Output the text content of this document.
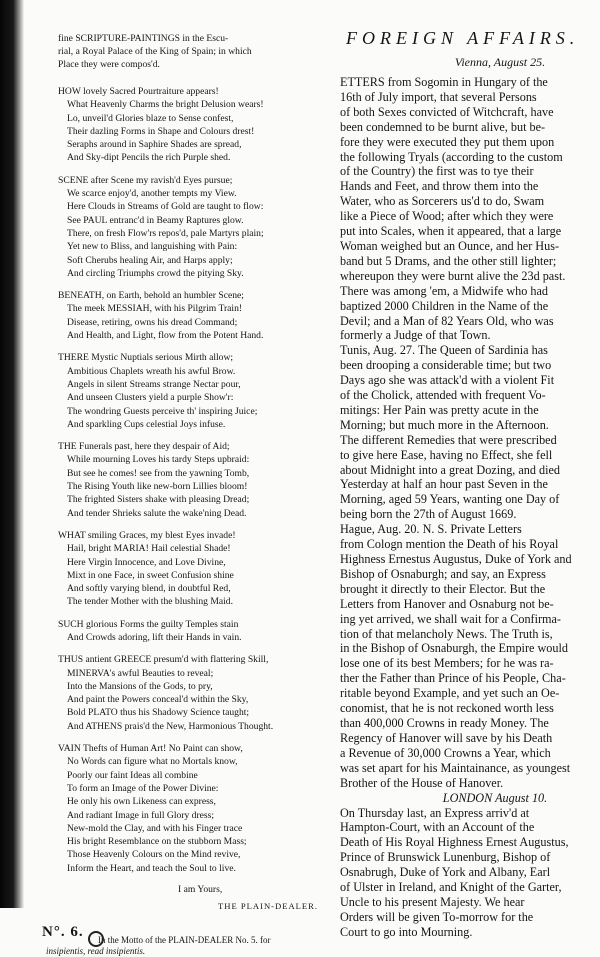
fine SCRIPTURE-PAINTINGS in the Escu-
rial, a Royal Palace of the King of Spain; in which
Place they were compos'd.
HOW lovely Sacred Pourtraiture appears!
What Heavenly Charms the bright Delusion wears!
Lo, unveil'd Glories blaze to Sense confest,
Their dazling Forms in Shape and Colours drest!
Seraphs around in Saphire Shades are spread,
And Sky-dipt Pencils the rich Purple shed.
SCENE after Scene my ravish'd Eyes pursue;
We scarce enjoy'd, another tempts my View.
Here Clouds in Streams of Gold are taught to flow:
See PAUL entranc'd in Beamy Raptures glow.
There, on fresh Flow'rs repos'd, pale Martyrs plain;
Yet new to Bliss, and languishing with Pain:
Soft Cherubs healing Air, and Harps apply;
And circling Triumphs crowd the pitying Sky.
BENEATH, on Earth, behold an humbler Scene;
The meek MESSIAH, with his Pilgrim Train!
Disease, retiring, owns his dread Command;
And Health, and Light, flow from the Potent Hand.
THERE Mystic Nuptials serious Mirth allow;
Ambitious Chaplets wreath his awful Brow.
Angels in silent Streams strange Nectar pour,
And unseen Clusters yield a purple Show'r:
The wondring Guests perceive th' inspiring Juice;
And sparkling Cups celestial Joys infuse.
THE Funerals past, here they despair of Aid;
While mourning Loves his tardy Steps upbraid:
But see he comes! see from the yawning Tomb,
The Rising Youth like new-born Lillies bloom!
The frighted Sisters shake with pleasing Dread;
And tender Shrieks salute the wake'ning Dead.
WHAT smiling Graces, my blest Eyes invade!
Hail, bright MARIA! Hail celestial Shade!
Here Virgin Innocence, and Love Divine,
Mixt in one Face, in sweet Confusion shine
And softly varying blend, in doubtful Red,
The tender Mother with the blushing Maid.
SUCH glorious Forms the guilty Temples stain
And Crowds adoring, lift their Hands in vain.
THUS antient GREECE presum'd with flattering Skill,
MINERVA's awful Beauties to reveal;
Into the Mansions of the Gods, to pry,
And paint the Powers conceal'd within the Sky,
Bold PLATO thus his Shadowy Science taught;
And ATHENS prais'd the New, Harmonious Thought.
VAIN Thefts of Human Art! No Paint can show,
No Words can figure what no Mortals know,
Poorly our faint Ideas all combine
To form an Image of the Power Divine:
He only his own Likeness can express,
And radiant Image in full Glory dress;
New-mold the Clay, and with his Finger trace
His bright Resemblance on the stubborn Mass;
Those Heavenly Colours on the Mind revive,
Inform the Heart, and teach the Soul to live.
I am Yours,
THE PLAIN-DEALER.
N°. 6. In the Motto of the PLAIN-DEALER No. 5. for
insipientis, read insipientis.
FOREIGN AFFAIRS.
Vienna, August 25.
ETTERS from Sogomin in Hungary of the
16th of July import, that several Persons
of both Sexes convicted of Witchcraft, have
been condemned to be burnt alive, but be-
fore they were executed they put them upon
the following Tryals (according to the custom
of the Country) the first was to tye their
Hands and Feet, and throw them into the
Water, who as Sorcerers us'd to do, Swam
like a Piece of Wood; after which they were
put into Scales, when it appeared, that a large
Woman weighed but an Ounce, and her Hus-
band but 5 Drams, and the other still lighter;
whereupon they were burnt alive the 23d past.
There was among 'em, a Midwife who had
baptized 2000 Children in the Name of the
Devil; and a Man of 82 Years Old, who was
formerly a Judge of that Town.
Tunis, Aug. 27. The Queen of Sardinia has
been drooping a considerable time; but two
Days ago she was attack'd with a violent Fit
of the Cholick, attended with frequent Vo-
mitings: Her Pain was pretty acute in the
Morning; but much more in the Afternoon.
The different Remedies that were prescribed
to give here Ease, having no Effect, she fell
about Midnight into a great Dozing, and died
Yesterday at half an hour past Seven in the
Morning, aged 59 Years, wanting one Day of
being born the 27th of August 1669.
Hague, Aug. 20. N. S. Private Letters
from Cologn mention the Death of his Royal
Highness Ernestus Augustus, Duke of York and
Bishop of Osnaburgh; and say, an Express
brought it directly to their Elector. But the
Letters from Hanover and Osnaburg not be-
ing yet arrived, we shall wait for a Confirma-
tion of that melancholy News. The Truth is,
in the Bishop of Osnaburgh, the Empire would
lose one of its best Members; for he was ra-
ther the Father than Prince of his People, Cha-
ritable beyond Example, and yet such an Oe-
conomist, that he is not reckoned worth less
than 400,000 Crowns in ready Money. The
Regency of Hanover will save by his Death
a Revenue of 30,000 Crowns a Year, which
was set apart for his Maintainance, as youngest
Brother of the House of Hanover.
LONDON August 10.
On Thursday last, an Express arriv'd at
Hampton-Court, with an Account of the
Death of His Royal Highness Ernest Augustus,
Prince of Brunswick Lunenburg, Bishop of
Osnabrugh, Duke of York and Albany, Earl
of Ulster in Ireland, and Knight of the Garter,
Uncle to his present Majesty. We hear
Orders will be given To-morrow for the
Court to go into Mourning.
